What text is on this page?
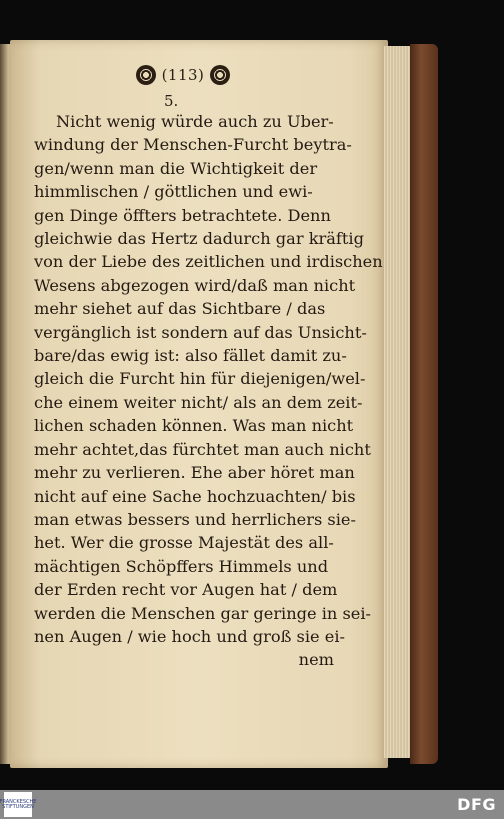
(113)
5.
Nicht wenig würde auch zu Uber-
windung der Menschen-Furcht beytra-
gen/wenn man die Wichtigkeit der
himmlischen / göttlichen und ewi-
gen Dinge öffters betrachtete. Denn
gleichwie das Hertz dadurch gar kräftig
von der Liebe des zeitlichen und irdischen
Wesens abgezogen wird/daß man nicht
mehr siehet auf das Sichtbare / das
vergänglich ist sondern auf das Unsicht-
bare/das ewig ist: also fället damit zu-
gleich die Furcht hin für diejenigen/wel-
che einem weiter nicht/ als an dem zeit-
lichen schaden können. Was man nicht
mehr achtet,das fürchtet man auch nicht
mehr zu verlieren. Ehe aber höret man
nicht auf eine Sache hochzuachten/ bis
man etwas bessers und herrlichers sie-
het. Wer die grosse Majestät des all-
mächtigen Schöpffers Himmels und
der Erden recht vor Augen hat / dem
werden die Menschen gar geringe in sei-
nen Augen / wie hoch und groß sie ei-
nem
FRANCKESCHE STIFTUNGEN	DFG
